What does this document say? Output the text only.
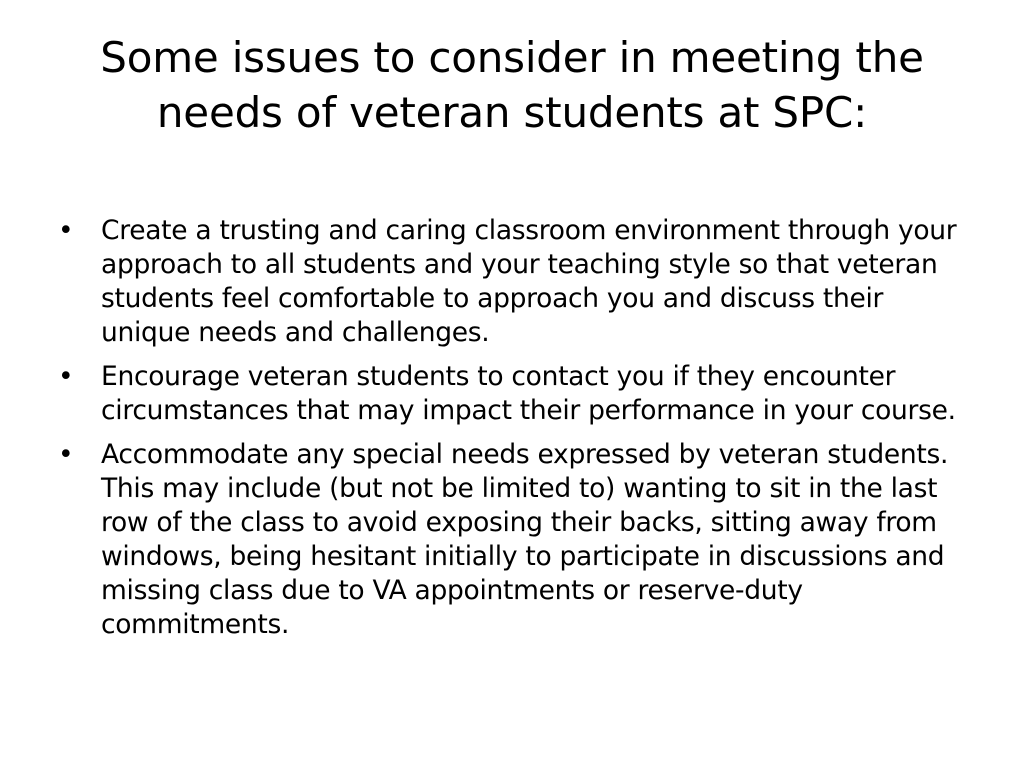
Some issues to consider in meeting the needs of veteran students at SPC:
• Create a trusting and caring classroom environment through your approach to all students and your teaching style so that veteran students feel comfortable to approach you and discuss their unique needs and challenges.
• Encourage veteran students to contact you if they encounter circumstances that may impact their performance in your course.
• Accommodate any special needs expressed by veteran students. This may include (but not be limited to) wanting to sit in the last row of the class to avoid exposing their backs, sitting away from windows, being hesitant initially to participate in discussions and missing class due to VA appointments or reserve-duty commitments.
